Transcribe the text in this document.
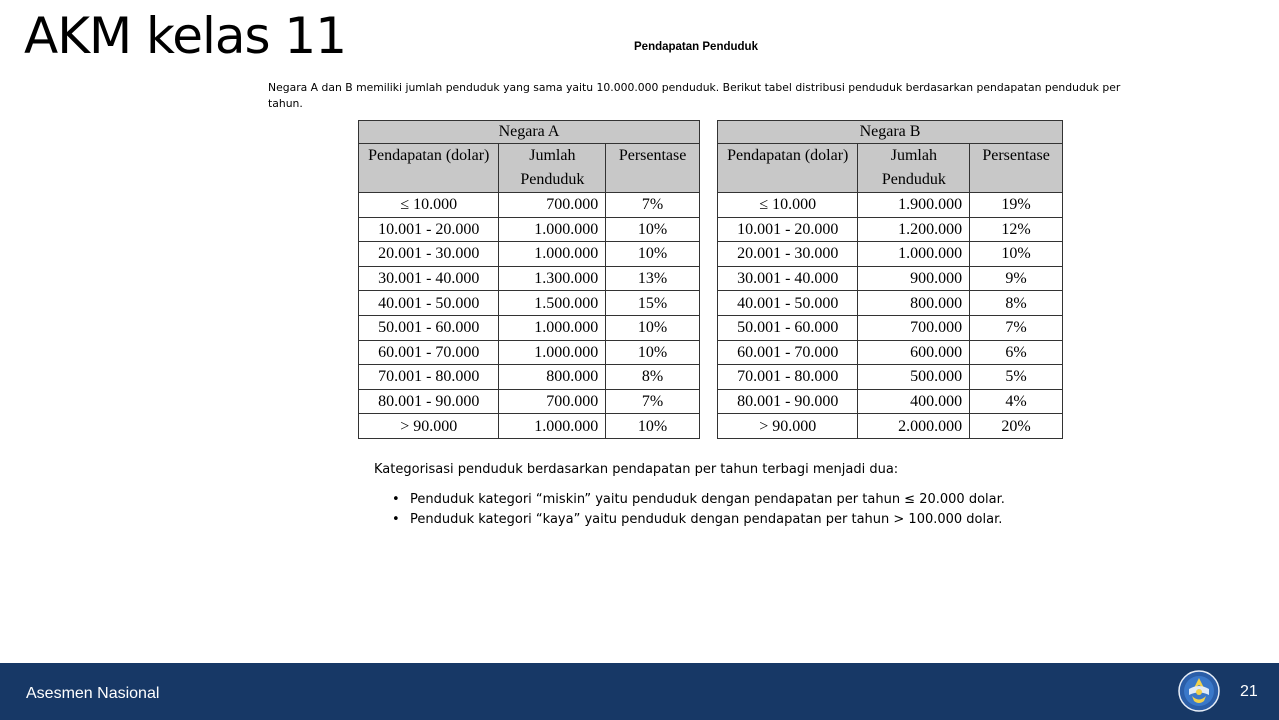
AKM kelas 11	Pendapatan Penduduk
Negara A dan B memiliki jumlah penduduk yang sama yaitu 10.000.000 penduduk. Berikut tabel distribusi penduduk berdasarkan pendapatan penduduk per tahun.
Negara A		
Pendapatan (dolar)	Jumlah Penduduk	Persentase
≤ 10.000	700.000	7%
10.001 - 20.000	1.000.000	10%
20.001 - 30.000	1.000.000	10%
30.001 - 40.000	1.300.000	13%
40.001 - 50.000	1.500.000	15%
50.001 - 60.000	1.000.000	10%
60.001 - 70.000	1.000.000	10%
70.001 - 80.000	800.000	8%
80.001 - 90.000	700.000	7%
> 90.000	1.000.000	10%
Negara B		
Pendapatan (dolar)	Jumlah Penduduk	Persentase
≤ 10.000	1.900.000	19%
10.001 - 20.000	1.200.000	12%
20.001 - 30.000	1.000.000	10%
30.001 - 40.000	900.000	9%
40.001 - 50.000	800.000	8%
50.001 - 60.000	700.000	7%
60.001 - 70.000	600.000	6%
70.001 - 80.000	500.000	5%
80.001 - 90.000	400.000	4%
> 90.000	2.000.000	20%
Kategorisasi penduduk berdasarkan pendapatan per tahun terbagi menjadi dua:
• Penduduk kategori “miskin” yaitu penduduk dengan pendapatan per tahun ≤ 20.000 dolar.
• Penduduk kategori “kaya” yaitu penduduk dengan pendapatan per tahun > 100.000 dolar.
Asesmen Nasional	21
